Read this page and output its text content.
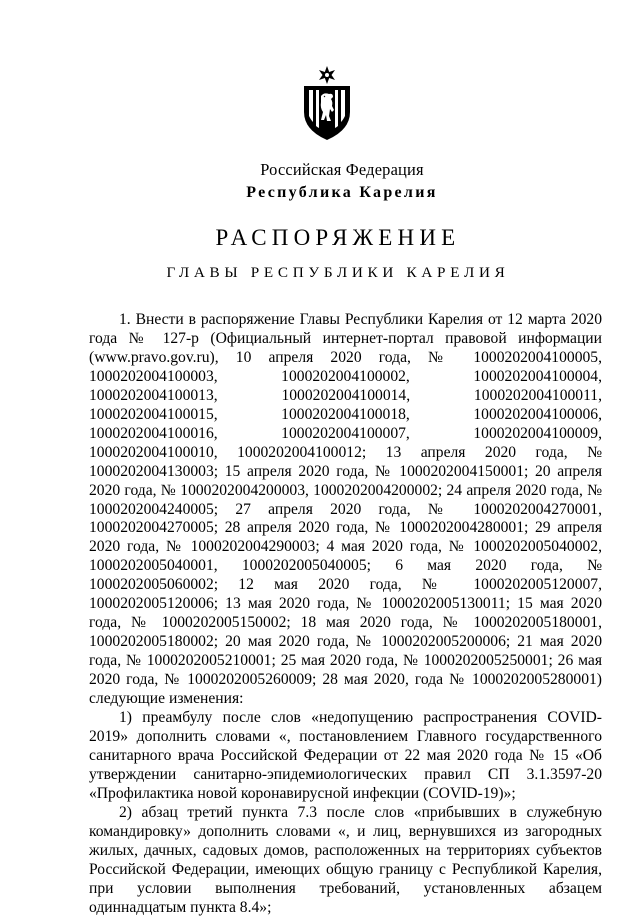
Российская Федерация
Республика Карелия
РАСПОРЯЖЕНИЕ
ГЛАВЫ РЕСПУБЛИКИ КАРЕЛИЯ

1. Внести в распоряжение Главы Республики Карелия от 12 марта 2020 года № 127-р (Официальный интернет-портал правовой информации (www.pravo.gov.ru), 10 апреля 2020 года, № 1000202004100005, 1000202004100003, 1000202004100002, 1000202004100004, 1000202004100013, 1000202004100014, 1000202004100011, 1000202004100015, 1000202004100018, 1000202004100006, 1000202004100016, 1000202004100007, 1000202004100009, 1000202004100010, 1000202004100012; 13 апреля 2020 года, № 1000202004130003; 15 апреля 2020 года, № 1000202004150001; 20 апреля 2020 года, № 1000202004200003, 1000202004200002; 24 апреля 2020 года, № 1000202004240005; 27 апреля 2020 года, № 1000202004270001, 1000202004270005; 28 апреля 2020 года, № 1000202004280001; 29 апреля 2020 года, № 1000202004290003; 4 мая 2020 года, № 1000202005040002, 1000202005040001, 1000202005040005; 6 мая 2020 года, № 1000202005060002; 12 мая 2020 года, № 1000202005120007, 1000202005120006; 13 мая 2020 года, № 1000202005130011; 15 мая 2020 года, № 1000202005150002; 18 мая 2020 года, № 1000202005180001, 1000202005180002; 20 мая 2020 года, № 1000202005200006; 21 мая 2020 года, № 1000202005210001; 25 мая 2020 года, № 1000202005250001; 26 мая 2020 года, № 1000202005260009; 28 мая 2020, года № 1000202005280001) следующие изменения:

1) преамбулу после слов «недопущению распространения COVID-2019» дополнить словами «, постановлением Главного государственного санитарного врача Российской Федерации от 22 мая 2020 года № 15 «Об утверждении санитарно-эпидемиологических правил СП 3.1.3597-20 «Профилактика новой коронавирусной инфекции (COVID-19)»;

2) абзац третий пункта 7.3 после слов «прибывших в служебную командировку» дополнить словами «, и лиц, вернувшихся из загородных жилых, дачных, садовых домов, расположенных на территориях субъектов Российской Федерации, имеющих общую границу с Республикой Карелия, при условии выполнения требований, установленных абзацем одиннадцатым пункта 8.4»;
